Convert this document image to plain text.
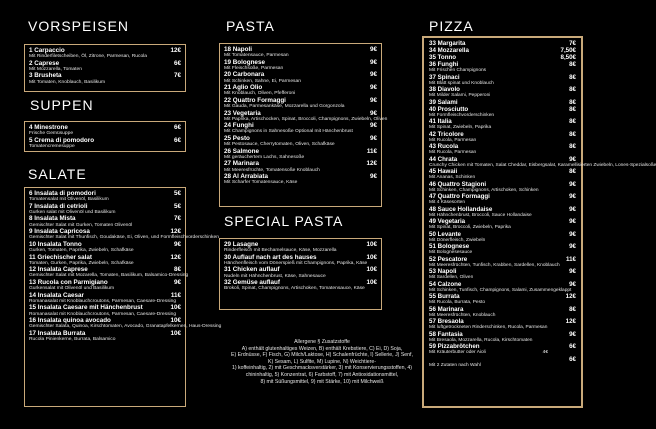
VORSPEISEN
SUPPEN
SALATE
PASTA
SPECIAL PASTA
PIZZA
1 Carpaccio	12€
Mit Rinderfiletscheiben, Öl, Zitrone, Parmesan, Rucola
2 Caprese	6€
Mit Mozzarella, Tomaten
3 Brusheta	7€
Mit Tomaten, Knoblauch, Basilikum
4 Minestrone	6€
Frische Gemüsuppe
5 Crema di pomodoro	6€
Tomatencremesuppe
6 Insalata di pomodori	5€
Tomatensalat mit Olivenöl, Basilikum
7 Insalata di cetrioli	5€
Gurken salat mit Olivenöl und Basilikum
8 Insalata Mista	7€
Gemischter Salat mit Gurken, Tomaten Olivenöl
9 Insalata Capricosa	12€
Gemischter Salat mit Thunfisch, Goudakäse, Ei, Oliven, und Formfleischvorderschinken
10 Insalata Tonno	9€
Gurken, Tomaten, Paprika, Zwiebeln, Schafkäse
11 Griechischer salat	12€
Tomaten, Gurken, Paprika, Zwiebeln, Schafkäse
12 Insalata Caprese	8€
Gemischter Salat mit Mozarella, Tomaten, Basilikum, Balsamico-Dressing
13 Rucola con Parmigiano	9€
Gurkensalat mit Olivenöl und Basilikum
14 Insalata Caesar	11€
Romanasalat mit Knoblauchcroutons, Parmesan, Caesare-Dressing
15 Insalata Caesare mit Hänchenbrust	10€
Romanasalat mit Knoblauchcroutons, Parmesan, Caesare-Dressing
16 Insalata quinoa avocado	10€
Gemischter Salata, Quinoa, Kirschtomaten, Avocado, Granatapfelkernen, Haus-Dressing
17 Insalata Burrata	10€
Rucola Pinienkerne, Burrata, Balsamico
18 Napoli	9€
Mit Tomatensauce, Parmesan
19 Bolognese	9€
Mit Fleischsoße, Parmesan
20 Carbonara	9€
Mit Schinken, Sahne, Ei, Parmesan
21 Aglio Olio	9€
Mit Knoblauch, Oliven, Pfefferoni
22 Quattro Formaggi	9€
Mit Gauda, Parmesankäse, Mozzarella und Gorgonzola
23 Vegetaria	9€
Mit Paprika, Artischocken, Spinat, Broccoli, Champignons, Zwiebeln, Oliven
24 Funghi	9€
Mit Champignons in Sahnesoße Optional mit Hänchenbrust
25 Pesto	9€
Mit Pestosauce, Cherrytomaten, Oliven, Schafkäse
26 Salmone	11€
Mit geräuchertem Lachs, Sahnesoße
27 Marinara	12€
Mit Meeresfrüchte, Tomatensoße Knoblauch
28 Al Arrabiata	9€
Mit Scharfer Tomatensauce, Käse
29 Lasagne	10€
Rinderfleisch mit Bechamelsauce, Käse, Mozzarella
30 Auflauf nach art des hauses	10€
Hänchenfleisch vom Dönerspieß mit Champignons, Paprika, Käse
31 Chicken auflauf	10€
Nudeln mit Hähnchenbrust, Käse, Sahnesauce
32 Gemüse auflauf	10€
Brokoli, Spinat, Champignons, Artischoken, Tomatensauce, Käse
33 Margarita	7€
34 Mozzarella	7,50€
35 Tonno	8,50€
36 Funghi	8€
Mit Frischen Champignons
37 Spinaci	8€
Mit Blatt spinat und Knoblauch
38 Diavolo	8€
Mit Milder Salami, Pepperoni
39 Salami	8€
40 Prosciutto	8€
Mit Formfleischvorderschinken
41 Italia	8€
Mit Spinat, Zwiebeln, Paprika
42 Tricolore	8€
Mit Rucola, Parmesan
43 Rucola	8€
Mit Rucola, Parmesan
44 Chrata	9€
Crunchy Chicken mit Tomaten, Salat Cheddar, Eisbergsalat, Karamellisierten Zwiebeln, Lones-Spezialsoße
45 Hawaii	8€
Mit Ananas, Schinken
46 Quattro Stagioni	9€
Mit Schinken, Champignons, Artischoken, Schinken
47 Quattro Formaggi	9€
Mit 4 Käsesorten
48 Sauce Hollandaise	9€
Mit Hähnchenbrust, Broccoli, Sauce Hollandaise
49 Vegetaria	9€
Mit Spinat, Broccoli, Zwiebeln, Paprika
50 Levante	9€
Mit Dönerfleisch, Zwiebeln
51 Bolognese	9€
Mit Bolognesesauce
52 Pescatore	11€
Mit Meeresfrüchten, Tunfisch, Krabben, Sardellen, Knoblauch
53 Napoli	9€
Mit Sardellen, Oliven
54 Calzone	9€
Mit Schinken, Tunfisch, Champignons, Salami, Zusammengeklappt
55 Burrata	12€
Mit Rucola, Burrata, Pesto
56 Marinara	8€
Mit Meeresfrüchten, Knoblauch
57 Bresaola	12€
Mit luftgetrockneten Rinderschinken, Rucola, Parmesan
58 Fantasia	9€
Mit Bresaola, Mozzarella, Rucola, Kirschtomaten
59 Pizzabrötchen	6€
Mit Kräuterbutter oder Aioli	4€
6€
Mit 2 Zutaten nach Wahl
Allergene § Zusatzstoffe
A) enthält glutenhaltiges Weizen, B) enthält Krebstiere, C) Ei, D) Soja,
E) Erdnüsse, F) Fisch, G) Milch/Laktose, H) Schalenfrüchte, I) Sellerie, J) Senf,
K) Sesam, L) Sulfite, M) Lupine, N) Weichtiere-
1) koffeinhaltig, 2) mit Geschmacksverstärker, 3) mit Konservierungsstoffen, 4)
chininhaltig, 5) Konzentrat, 6) Farbstoff, 7) mit Antioxidationsmittel,
8) mit Süßungsmittel, 9) mit Stärke, 10) mit Milchweiß
